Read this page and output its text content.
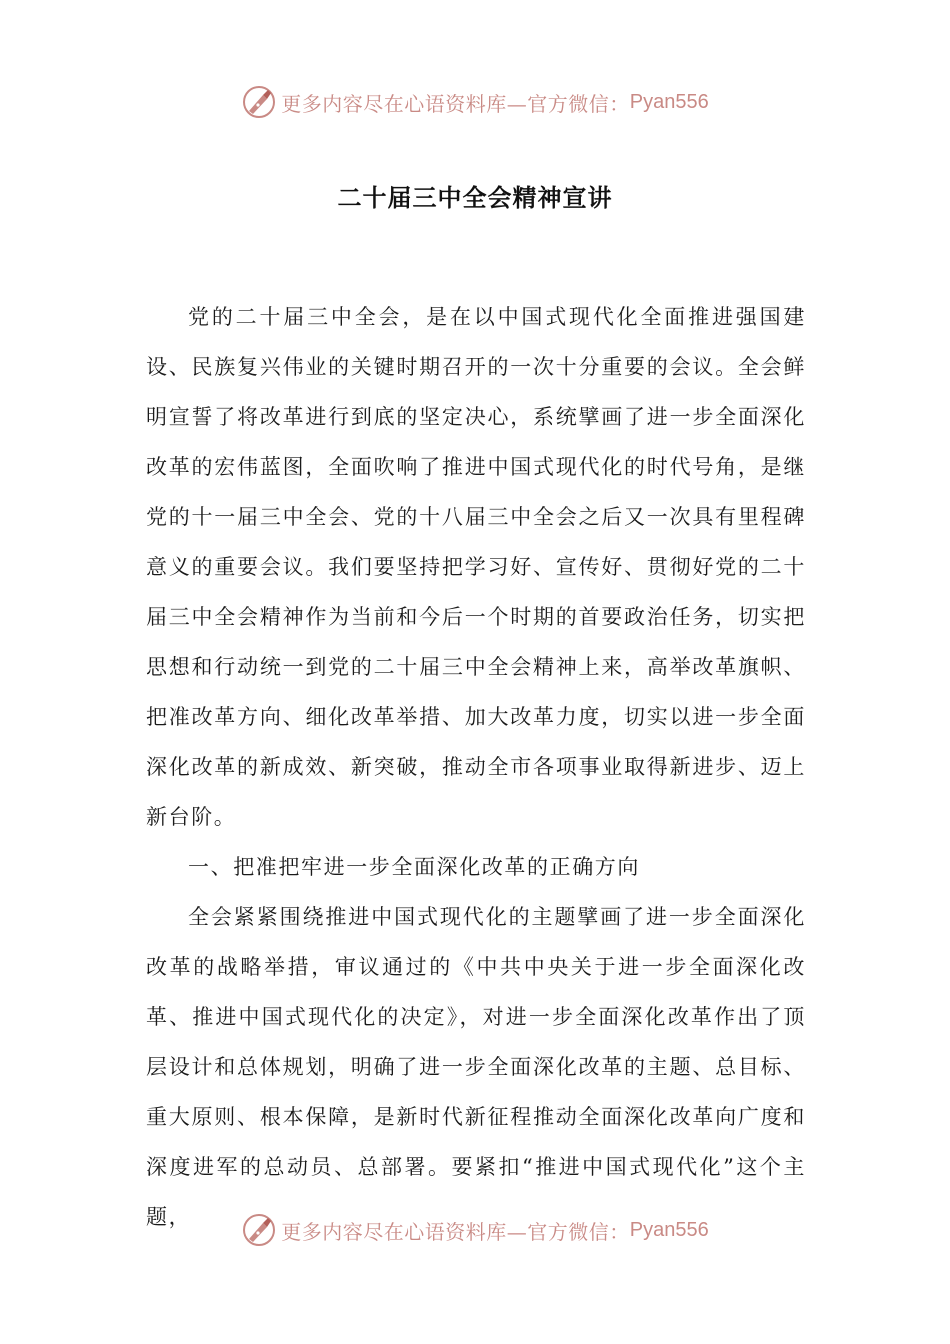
更多内容尽在心语资料库—官方微信： Pyan556
二十届三中全会精神宣讲

党的二十届三中全会，是在以中国式现代化全面推进强国建设、民族复兴伟业的关键时期召开的一次十分重要的会议。全会鲜明宣誓了将改革进行到底的坚定决心，系统擘画了进一步全面深化改革的宏伟蓝图，全面吹响了推进中国式现代化的时代号角，是继党的十一届三中全会、党的十八届三中全会之后又一次具有里程碑意义的重要会议。我们要坚持把学习好、宣传好、贯彻好党的二十届三中全会精神作为当前和今后一个时期的首要政治任务，切实把思想和行动统一到党的二十届三中全会精神上来，高举改革旗帜、把准改革方向、细化改革举措、加大改革力度，切实以进一步全面深化改革的新成效、新突破，推动全市各项事业取得新进步、迈上新台阶。

一、把准把牢进一步全面深化改革的正确方向

全会紧紧围绕推进中国式现代化的主题擘画了进一步全面深化改革的战略举措，审议通过的《中共中央关于进一步全面深化改革、推进中国式现代化的决定》，对进一步全面深化改革作出了顶层设计和总体规划，明确了进一步全面深化改革的主题、总目标、重大原则、根本保障，是新时代新征程推动全面深化改革向广度和深度进军的总动员、总部署。要紧扣“推进中国式现代化”这个主题，

更多内容尽在心语资料库—官方微信： Pyan556
